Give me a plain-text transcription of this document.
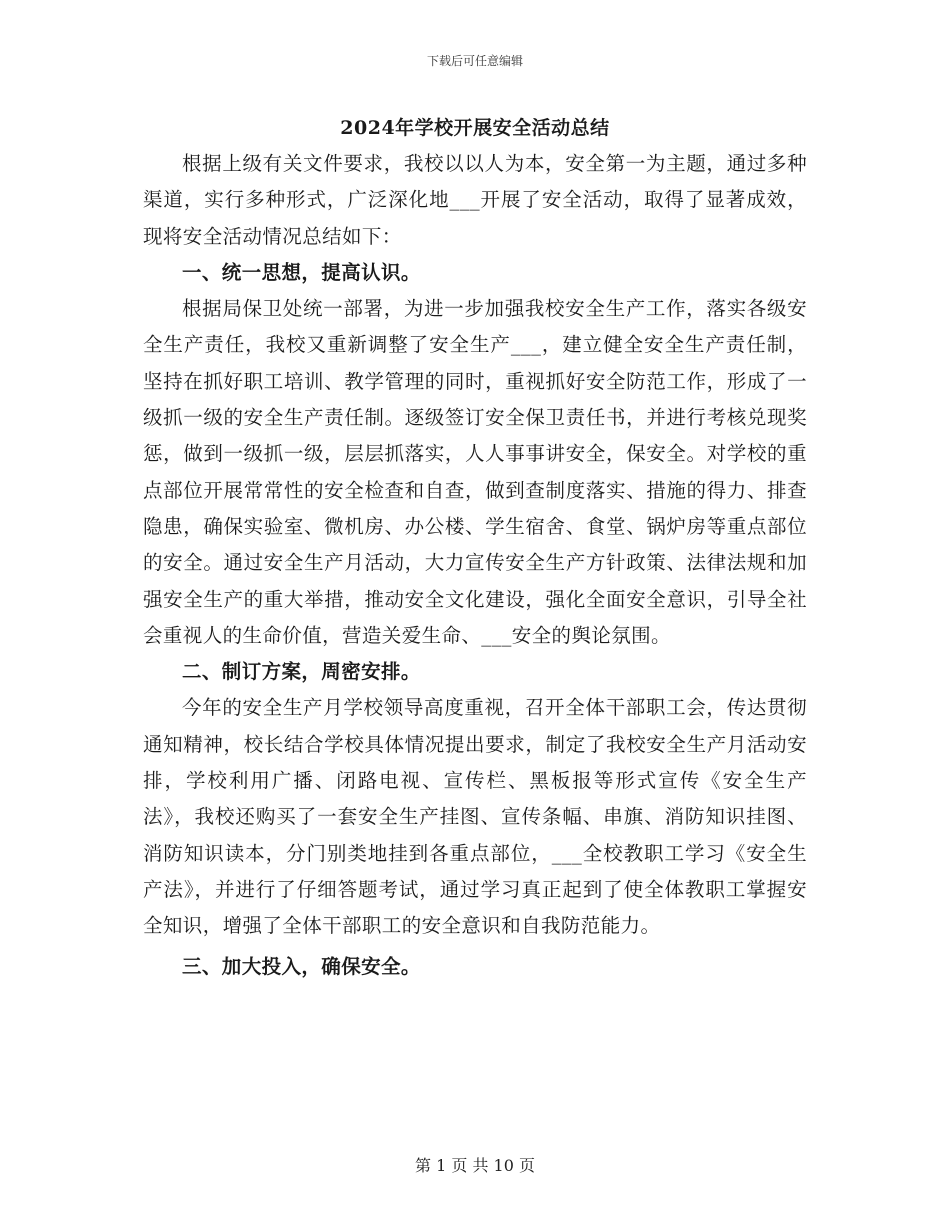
下载后可任意编辑
2024年学校开展安全活动总结

根据上级有关文件要求，我校以以人为本，安全第一为主题，通过多种渠道，实行多种形式，广泛深化地___开展了安全活动，取得了显著成效，现将安全活动情况总结如下：

一、统一思想，提高认识。

根据局保卫处统一部署，为进一步加强我校安全生产工作，落实各级安全生产责任，我校又重新调整了安全生产___，建立健全安全生产责任制，坚持在抓好职工培训、教学管理的同时，重视抓好安全防范工作，形成了一级抓一级的安全生产责任制。逐级签订安全保卫责任书，并进行考核兑现奖惩，做到一级抓一级，层层抓落实，人人事事讲安全，保安全。对学校的重点部位开展常常性的安全检查和自查，做到查制度落实、措施的得力、排查隐患，确保实验室、微机房、办公楼、学生宿舍、食堂、锅炉房等重点部位的安全。通过安全生产月活动，大力宣传安全生产方针政策、法律法规和加强安全生产的重大举措，推动安全文化建设，强化全面安全意识，引导全社会重视人的生命价值，营造关爱生命、___安全的舆论氛围。

二、制订方案，周密安排。

今年的安全生产月学校领导高度重视，召开全体干部职工会，传达贯彻通知精神，校长结合学校具体情况提出要求，制定了我校安全生产月活动安排，学校利用广播、闭路电视、宣传栏、黑板报等形式宣传《安全生产法》，我校还购买了一套安全生产挂图、宣传条幅、串旗、消防知识挂图、消防知识读本，分门别类地挂到各重点部位，___全校教职工学习《安全生产法》，并进行了仔细答题考试，通过学习真正起到了使全体教职工掌握安全知识，增强了全体干部职工的安全意识和自我防范能力。

三、加大投入，确保安全。
第 1 页 共 10 页
